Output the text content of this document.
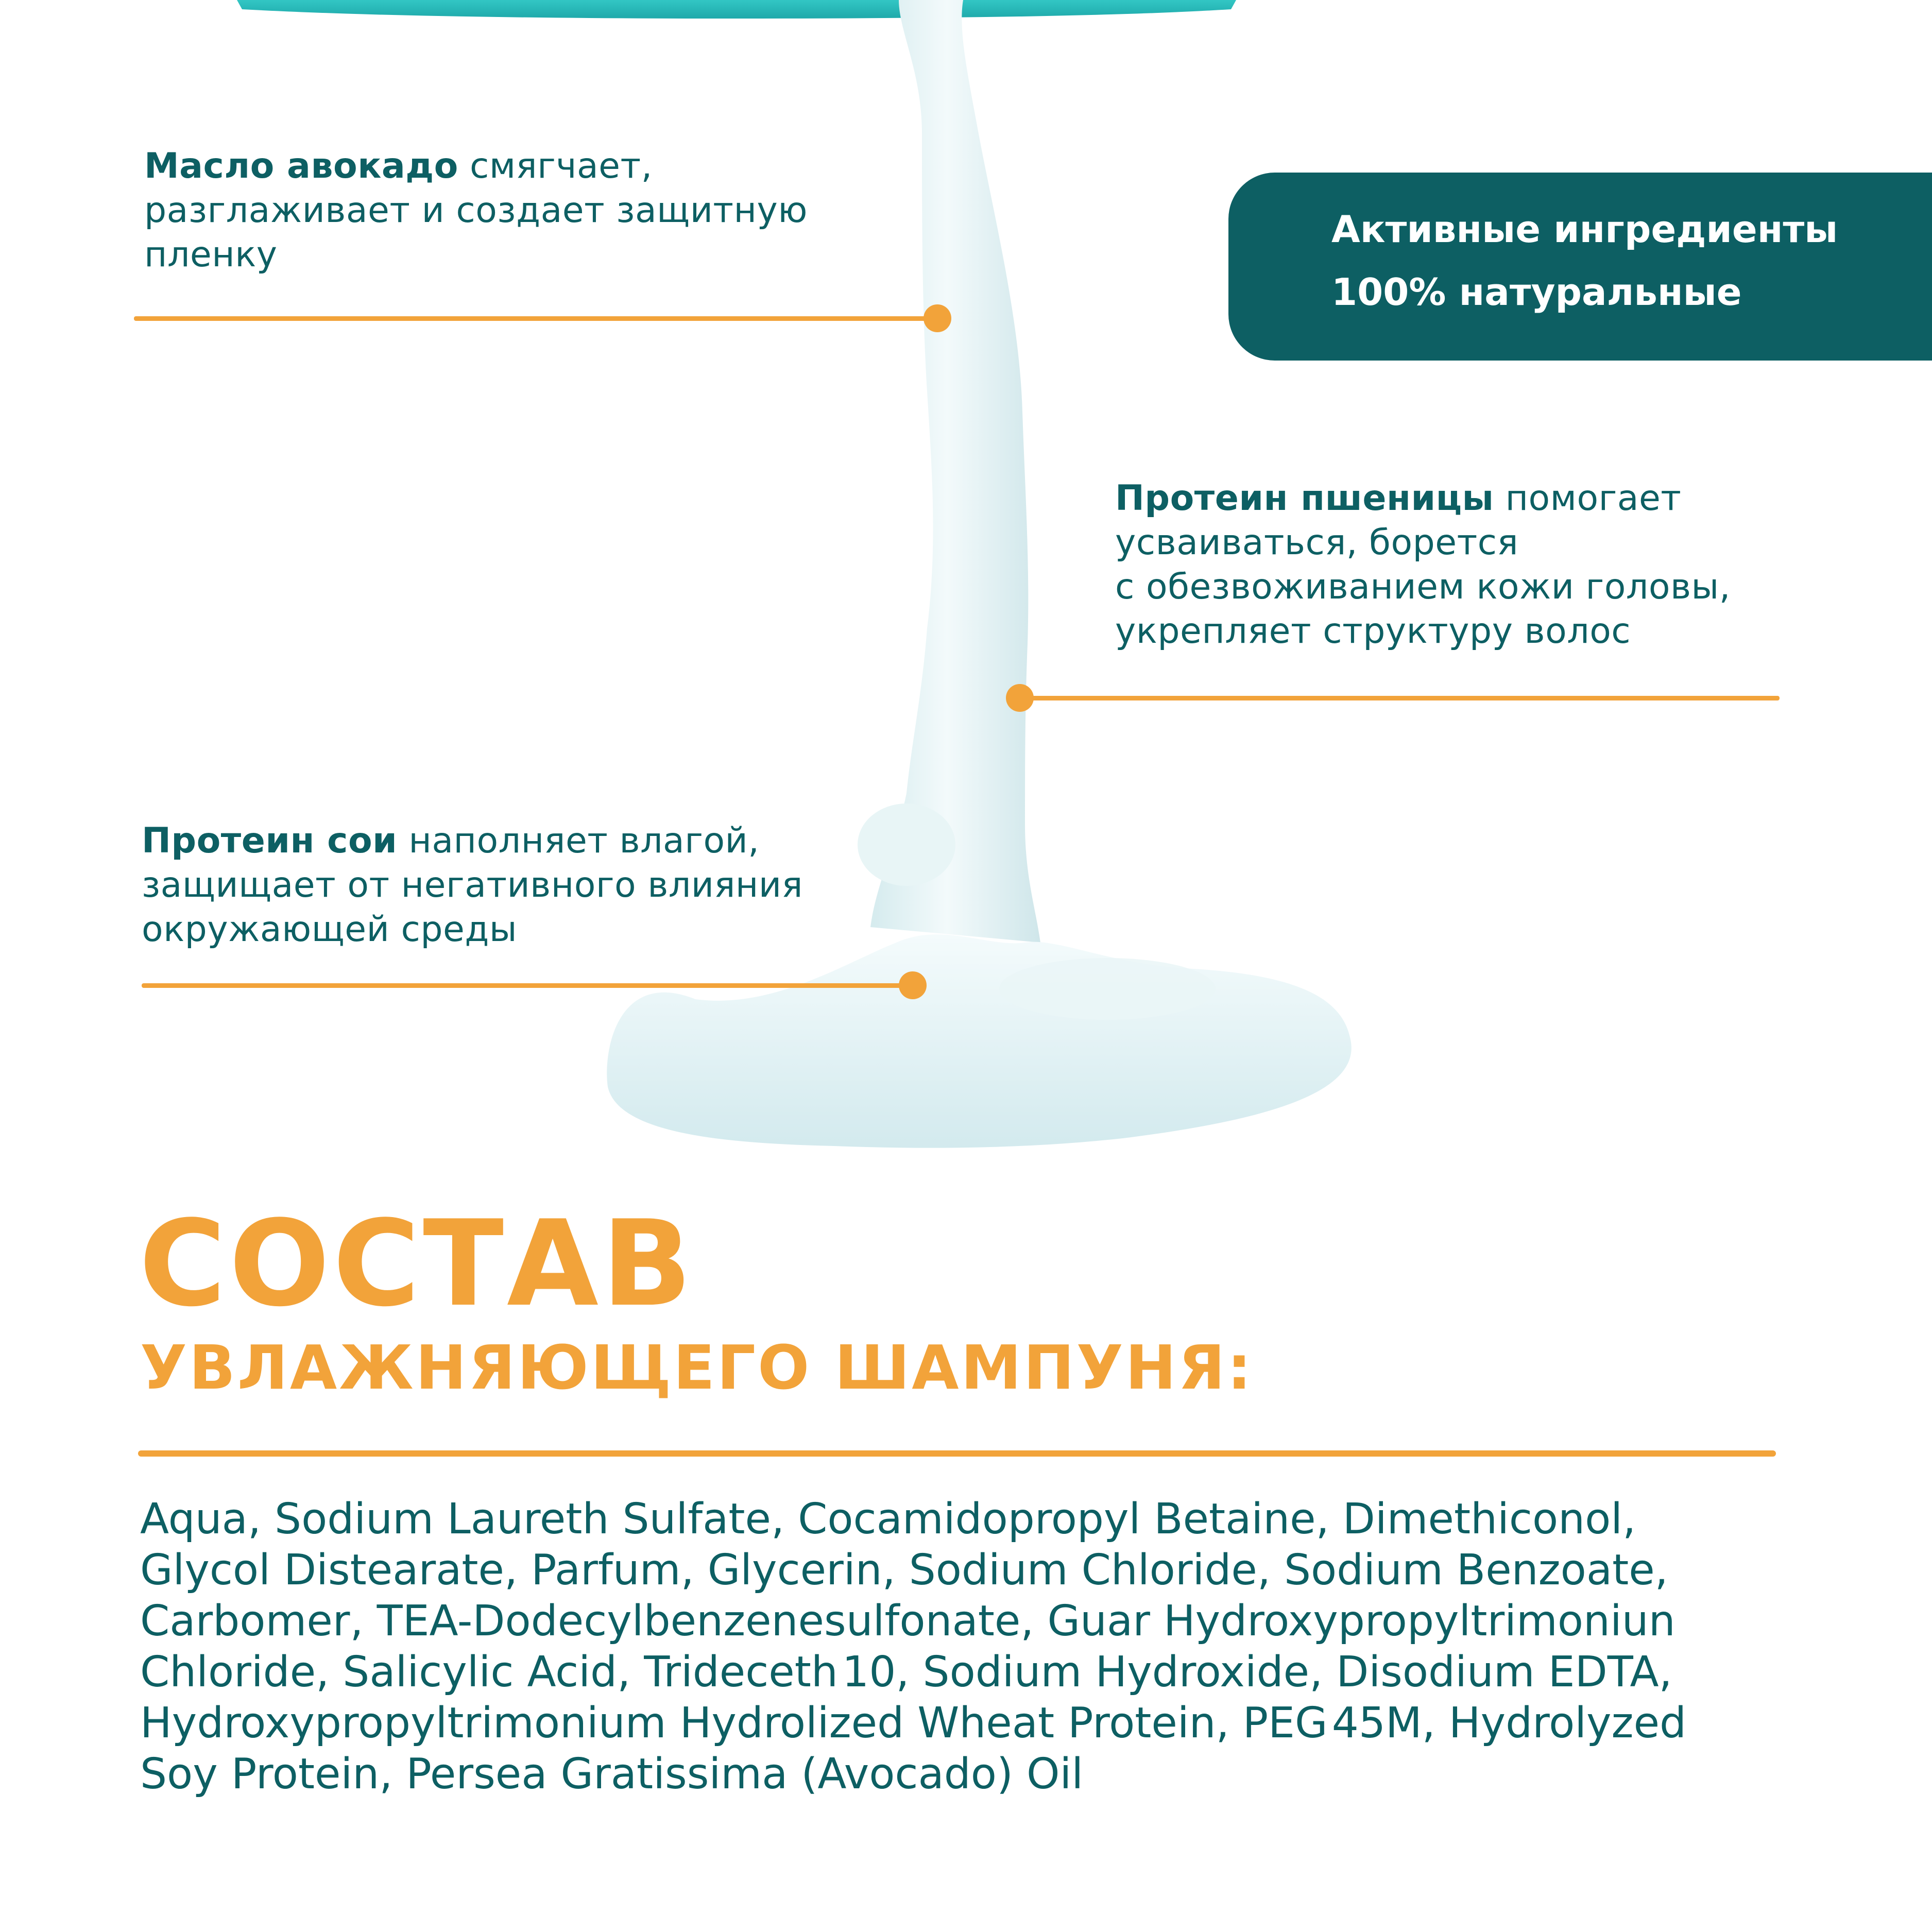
Масло авокадо смягчает,
разглаживает и создает защитную
пленку
Активные ингредиенты
100% натуральные
Протеин пшеницы помогает
усваиваться, борется
с обезвоживанием кожи головы,
укрепляет структуру волос
Протеин сои наполняет влагой,
защищает от негативного влияния
окружающей среды
СОСТАВ
УВЛАЖНЯЮЩЕГО ШАМПУНЯ:
Aqua, Sodium Laureth Sulfate, Cocamidopropyl Betaine, Dimethiconol,
Glycol Distearate, Parfum, Glycerin, Sodium Chloride, Sodium Benzoate,
Carbomer, TEA-Dodecylbenzenesulfonate, Guar Hydroxypropyltrimoniun
Chloride, Salicylic Acid, Trideceth 10, Sodium Hydroxide, Disodium EDTA,
Hydroxypropyltrimonium Hydrolized Wheat Protein, PEG 45M, Hydrolyzed
Soy Protein, Persea Gratissima (Avocado) Oil
